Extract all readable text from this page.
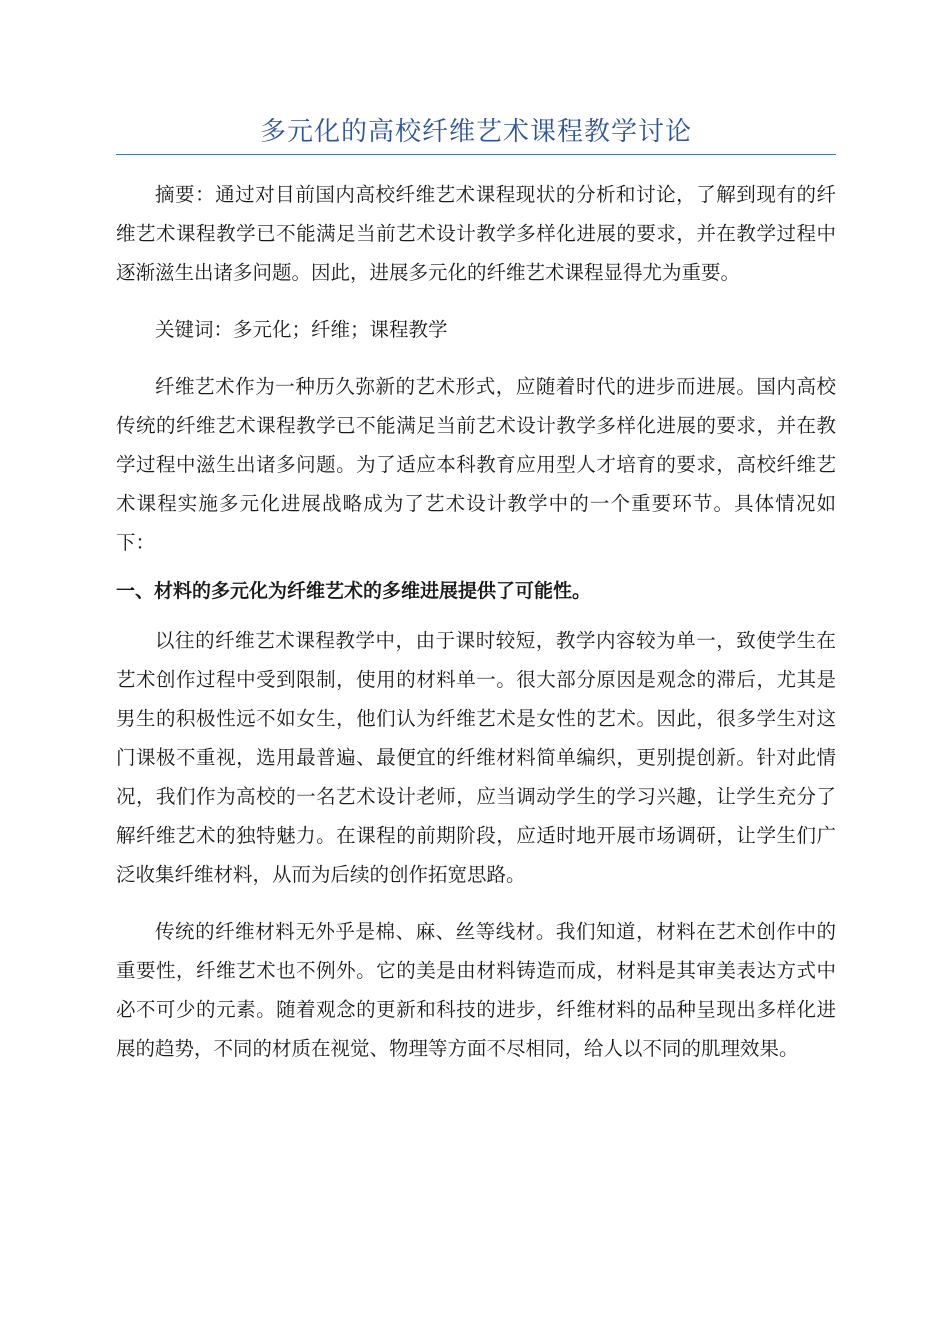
多元化的高校纤维艺术课程教学讨论

摘要：通过对目前国内高校纤维艺术课程现状的分析和讨论，了解到现有的纤维艺术课程教学已不能满足当前艺术设计教学多样化进展的要求，并在教学过程中逐渐滋生出诸多问题。因此，进展多元化的纤维艺术课程显得尤为重要。

关键词：多元化；纤维；课程教学

纤维艺术作为一种历久弥新的艺术形式，应随着时代的进步而进展。国内高校传统的纤维艺术课程教学已不能满足当前艺术设计教学多样化进展的要求，并在教学过程中滋生出诸多问题。为了适应本科教育应用型人才培育的要求，高校纤维艺术课程实施多元化进展战略成为了艺术设计教学中的一个重要环节。具体情况如下：

一、材料的多元化为纤维艺术的多维进展提供了可能性。

以往的纤维艺术课程教学中，由于课时较短，教学内容较为单一，致使学生在艺术创作过程中受到限制，使用的材料单一。很大部分原因是观念的滞后，尤其是男生的积极性远不如女生，他们认为纤维艺术是女性的艺术。因此，很多学生对这门课极不重视，选用最普遍、最便宜的纤维材料简单编织，更别提创新。针对此情况，我们作为高校的一名艺术设计老师，应当调动学生的学习兴趣，让学生充分了解纤维艺术的独特魅力。在课程的前期阶段，应适时地开展市场调研，让学生们广泛收集纤维材料，从而为后续的创作拓宽思路。

传统的纤维材料无外乎是棉、麻、丝等线材。我们知道，材料在艺术创作中的重要性，纤维艺术也不例外。它的美是由材料铸造而成，材料是其审美表达方式中必不可少的元素。随着观念的更新和科技的进步，纤维材料的品种呈现出多样化进展的趋势，不同的材质在视觉、物理等方面不尽相同，给人以不同的肌理效果。
